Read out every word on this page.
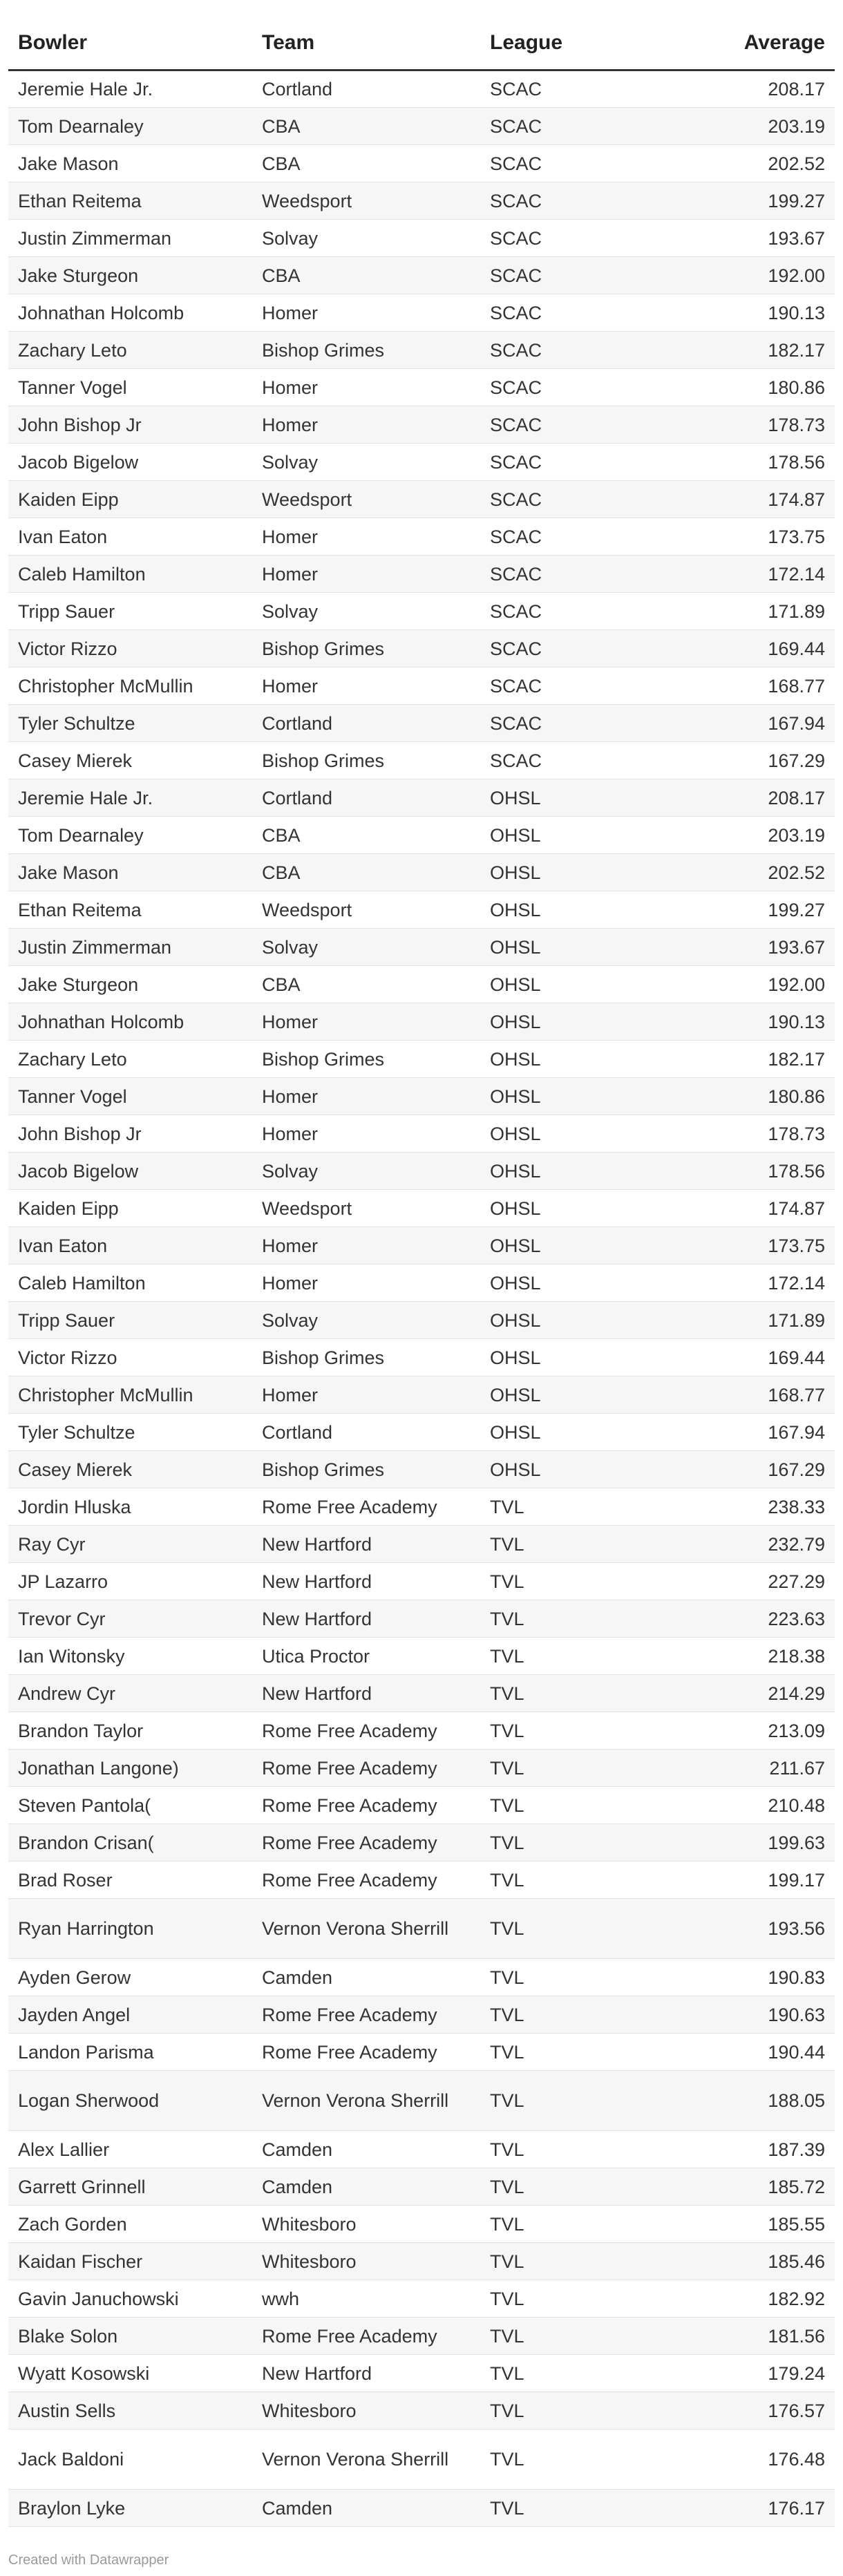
Bowler	Team	League	Average
Jeremie Hale Jr.	Cortland	SCAC	208.17
Tom Dearnaley	CBA	SCAC	203.19
Jake Mason	CBA	SCAC	202.52
Ethan Reitema	Weedsport	SCAC	199.27
Justin Zimmerman	Solvay	SCAC	193.67
Jake Sturgeon	CBA	SCAC	192.00
Johnathan Holcomb	Homer	SCAC	190.13
Zachary Leto	Bishop Grimes	SCAC	182.17
Tanner Vogel	Homer	SCAC	180.86
John Bishop Jr	Homer	SCAC	178.73
Jacob Bigelow	Solvay	SCAC	178.56
Kaiden Eipp	Weedsport	SCAC	174.87
Ivan Eaton	Homer	SCAC	173.75
Caleb Hamilton	Homer	SCAC	172.14
Tripp Sauer	Solvay	SCAC	171.89
Victor Rizzo	Bishop Grimes	SCAC	169.44
Christopher McMullin	Homer	SCAC	168.77
Tyler Schultze	Cortland	SCAC	167.94
Casey Mierek	Bishop Grimes	SCAC	167.29
Jeremie Hale Jr.	Cortland	OHSL	208.17
Tom Dearnaley	CBA	OHSL	203.19
Jake Mason	CBA	OHSL	202.52
Ethan Reitema	Weedsport	OHSL	199.27
Justin Zimmerman	Solvay	OHSL	193.67
Jake Sturgeon	CBA	OHSL	192.00
Johnathan Holcomb	Homer	OHSL	190.13
Zachary Leto	Bishop Grimes	OHSL	182.17
Tanner Vogel	Homer	OHSL	180.86
John Bishop Jr	Homer	OHSL	178.73
Jacob Bigelow	Solvay	OHSL	178.56
Kaiden Eipp	Weedsport	OHSL	174.87
Ivan Eaton	Homer	OHSL	173.75
Caleb Hamilton	Homer	OHSL	172.14
Tripp Sauer	Solvay	OHSL	171.89
Victor Rizzo	Bishop Grimes	OHSL	169.44
Christopher McMullin	Homer	OHSL	168.77
Tyler Schultze	Cortland	OHSL	167.94
Casey Mierek	Bishop Grimes	OHSL	167.29
Jordin Hluska	Rome Free Academy	TVL	238.33
Ray Cyr	New Hartford	TVL	232.79
JP Lazarro	New Hartford	TVL	227.29
Trevor Cyr	New Hartford	TVL	223.63
Ian Witonsky	Utica Proctor	TVL	218.38
Andrew Cyr	New Hartford	TVL	214.29
Brandon Taylor	Rome Free Academy	TVL	213.09
Jonathan Langone)	Rome Free Academy	TVL	211.67
Steven Pantola(	Rome Free Academy	TVL	210.48
Brandon Crisan(	Rome Free Academy	TVL	199.63
Brad Roser	Rome Free Academy	TVL	199.17
Ryan Harrington	Vernon Verona Sherrill	TVL	193.56
Ayden Gerow	Camden	TVL	190.83
Jayden Angel	Rome Free Academy	TVL	190.63
Landon Parisma	Rome Free Academy	TVL	190.44
Logan Sherwood	Vernon Verona Sherrill	TVL	188.05
Alex Lallier	Camden	TVL	187.39
Garrett Grinnell	Camden	TVL	185.72
Zach Gorden	Whitesboro	TVL	185.55
Kaidan Fischer	Whitesboro	TVL	185.46
Gavin Januchowski	wwh	TVL	182.92
Blake Solon	Rome Free Academy	TVL	181.56
Wyatt Kosowski	New Hartford	TVL	179.24
Austin Sells	Whitesboro	TVL	176.57
Jack Baldoni	Vernon Verona Sherrill	TVL	176.48
Braylon Lyke	Camden	TVL	176.17
Created with Datawrapper
